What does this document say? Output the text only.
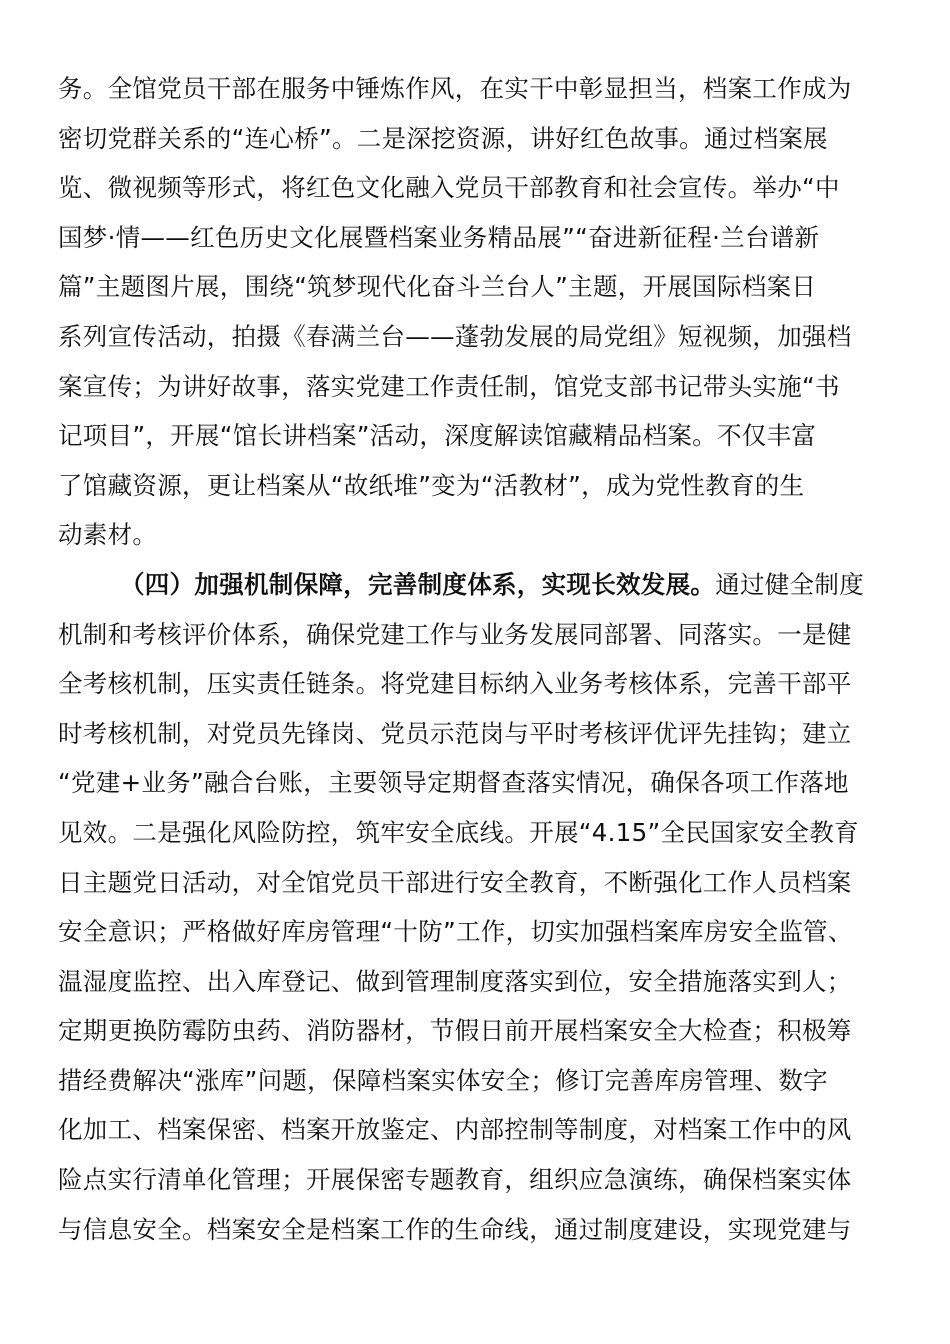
务。全馆党员干部在服务中锤炼作风，在实干中彰显担当，档案工作成为
密切党群关系的“连心桥”。二是深挖资源，讲好红色故事。通过档案展
览、微视频等形式，将红色文化融入党员干部教育和社会宣传。举办“中
国梦·情——红色历史文化展暨档案业务精品展”“奋进新征程·兰台谱新
篇”主题图片展，围绕“筑梦现代化奋斗兰台人”主题，开展国际档案日
系列宣传活动，拍摄《春满兰台——蓬勃发展的局党组》短视频，加强档
案宣传；为讲好故事，落实党建工作责任制，馆党支部书记带头实施“书
记项目”，开展“馆长讲档案”活动，深度解读馆藏精品档案。不仅丰富
了馆藏资源，更让档案从“故纸堆”变为“活教材”，成为党性教育的生
动素材。
（四）加强机制保障，完善制度体系，实现长效发展。通过健全制度
机制和考核评价体系，确保党建工作与业务发展同部署、同落实。一是健
全考核机制，压实责任链条。将党建目标纳入业务考核体系，完善干部平
时考核机制，对党员先锋岗、党员示范岗与平时考核评优评先挂钩；建立
“党建+业务”融合台账，主要领导定期督查落实情况，确保各项工作落地
见效。二是强化风险防控，筑牢安全底线。开展“4.15”全民国家安全教育
日主题党日活动，对全馆党员干部进行安全教育，不断强化工作人员档案
安全意识；严格做好库房管理“十防”工作，切实加强档案库房安全监管、
温湿度监控、出入库登记、做到管理制度落实到位，安全措施落实到人；
定期更换防霉防虫药、消防器材，节假日前开展档案安全大检查；积极筹
措经费解决“涨库”问题，保障档案实体安全；修订完善库房管理、数字
化加工、档案保密、档案开放鉴定、内部控制等制度，对档案工作中的风
险点实行清单化管理；开展保密专题教育，组织应急演练，确保档案实体
与信息安全。档案安全是档案工作的生命线，通过制度建设，实现党建与
